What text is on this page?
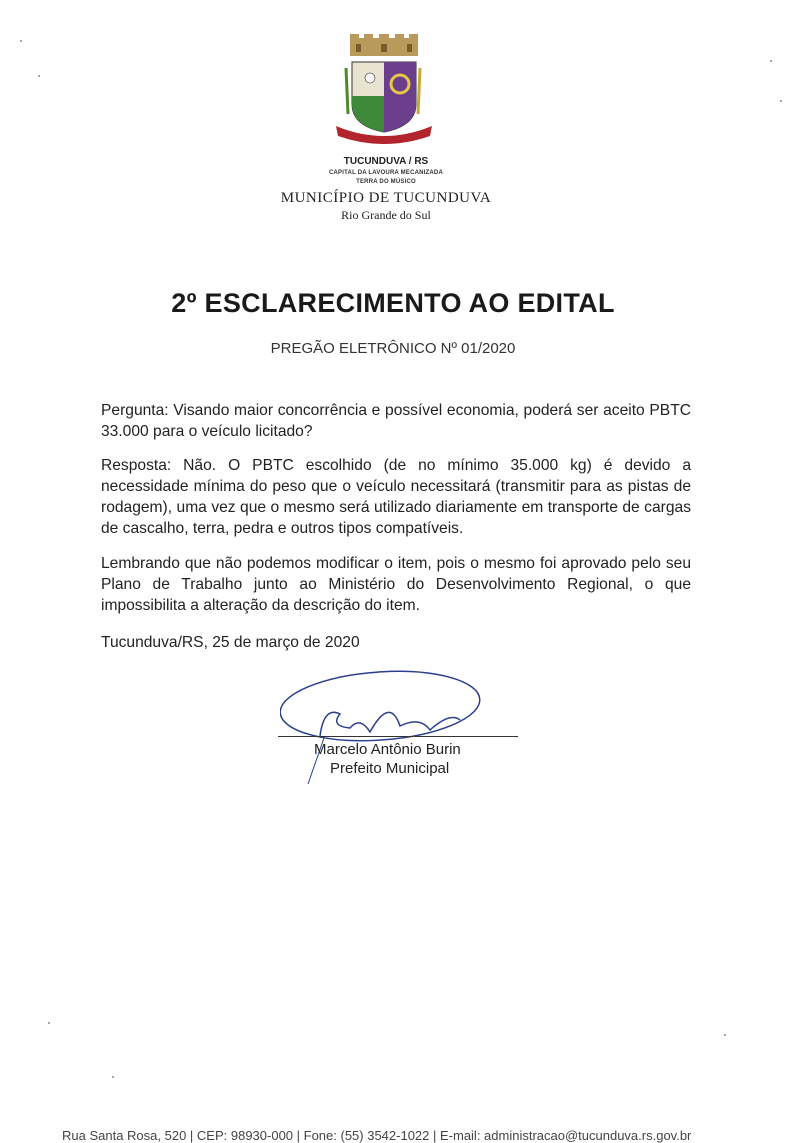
TUCUNDUVA / RS
CAPITAL DA LAVOURA MECANIZADA
TERRA DO MÚSICO
MUNICÍPIO DE TUCUNDUVA
Rio Grande do Sul
2º ESCLARECIMENTO AO EDITAL
PREGÃO ELETRÔNICO Nº 01/2020
Pergunta: Visando maior concorrência e possível economia, poderá ser aceito PBTC 33.000 para o veículo licitado?
Resposta: Não. O PBTC escolhido (de no mínimo 35.000 kg) é devido a necessidade mínima do peso que o veículo necessitará (transmitir para as pistas de rodagem), uma vez que o mesmo será utilizado diariamente em transporte de cargas de cascalho, terra, pedra e outros tipos compatíveis.
Lembrando que não podemos modificar o item, pois o mesmo foi aprovado pelo seu Plano de Trabalho junto ao Ministério do Desenvolvimento Regional, o que impossibilita a alteração da descrição do item.
Tucunduva/RS, 25 de março de 2020
Marcelo Antônio Burin
Prefeito Municipal
Rua Santa Rosa, 520 | CEP: 98930-000 | Fone: (55) 3542-1022 | E-mail: administracao@tucunduva.rs.gov.br
